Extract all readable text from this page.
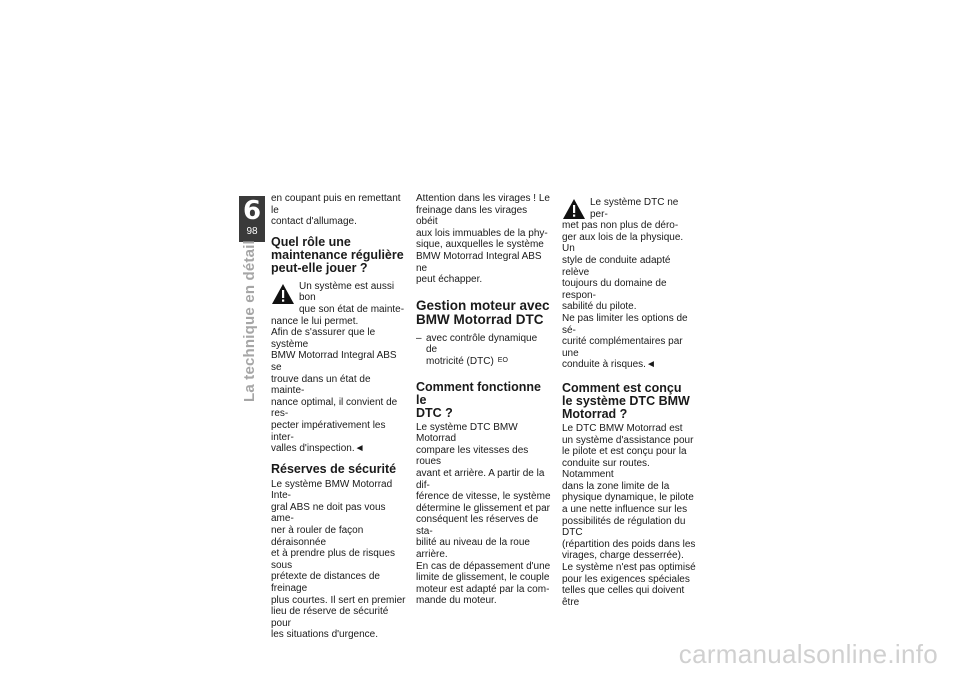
6
98
La technique en détail

en coupant puis en remettant le
contact d'allumage.

Quel rôle une
maintenance régulière
peut-elle jouer ?

Un système est aussi bon
que son état de mainte-
nance le lui permet.

Afin de s'assurer que le système
BMW Motorrad Integral ABS se
trouve dans un état de mainte-
nance optimal, il convient de res-
pecter impérativement les inter-
valles d'inspection.◄

Réserves de sécurité

Le système BMW Motorrad Inte-
gral ABS ne doit pas vous ame-
ner à rouler de façon déraisonnée
et à prendre plus de risques sous
prétexte de distances de freinage
plus courtes. Il sert en premier
lieu de réserve de sécurité pour
les situations d'urgence.

Attention dans les virages ! Le
freinage dans les virages obéit
aux lois immuables de la phy-
sique, auxquelles le système
BMW Motorrad Integral ABS ne
peut échapper.

Gestion moteur avec
BMW Motorrad DTC
– avec contrôle dynamique de
motricité (DTC) $^{EO}$
Comment fonctionne le
DTC ?

Le système DTC BMW Motorrad
compare les vitesses des roues
avant et arrière. A partir de la dif-
férence de vitesse, le système
détermine le glissement et par
conséquent les réserves de sta-
bilité au niveau de la roue arrière.
En cas de dépassement d'une
limite de glissement, le couple
moteur est adapté par la com-
mande du moteur.

Le système DTC ne per-
met pas non plus de déro-
ger aux lois de la physique. Un
style de conduite adapté relève
toujours du domaine de respon-
sabilité du pilote.
Ne pas limiter les options de sé-
curité complémentaires par une
conduite à risques.◄

Comment est conçu
le système DTC BMW
Motorrad ?

Le DTC BMW Motorrad est
un système d'assistance pour
le pilote et est conçu pour la
conduite sur routes. Notamment
dans la zone limite de la
physique dynamique, le pilote
a une nette influence sur les
possibilités de régulation du DTC
(répartition des poids dans les
virages, charge desserrée).
Le système n'est pas optimisé
pour les exigences spéciales
telles que celles qui doivent être

carmanualsonline.info
